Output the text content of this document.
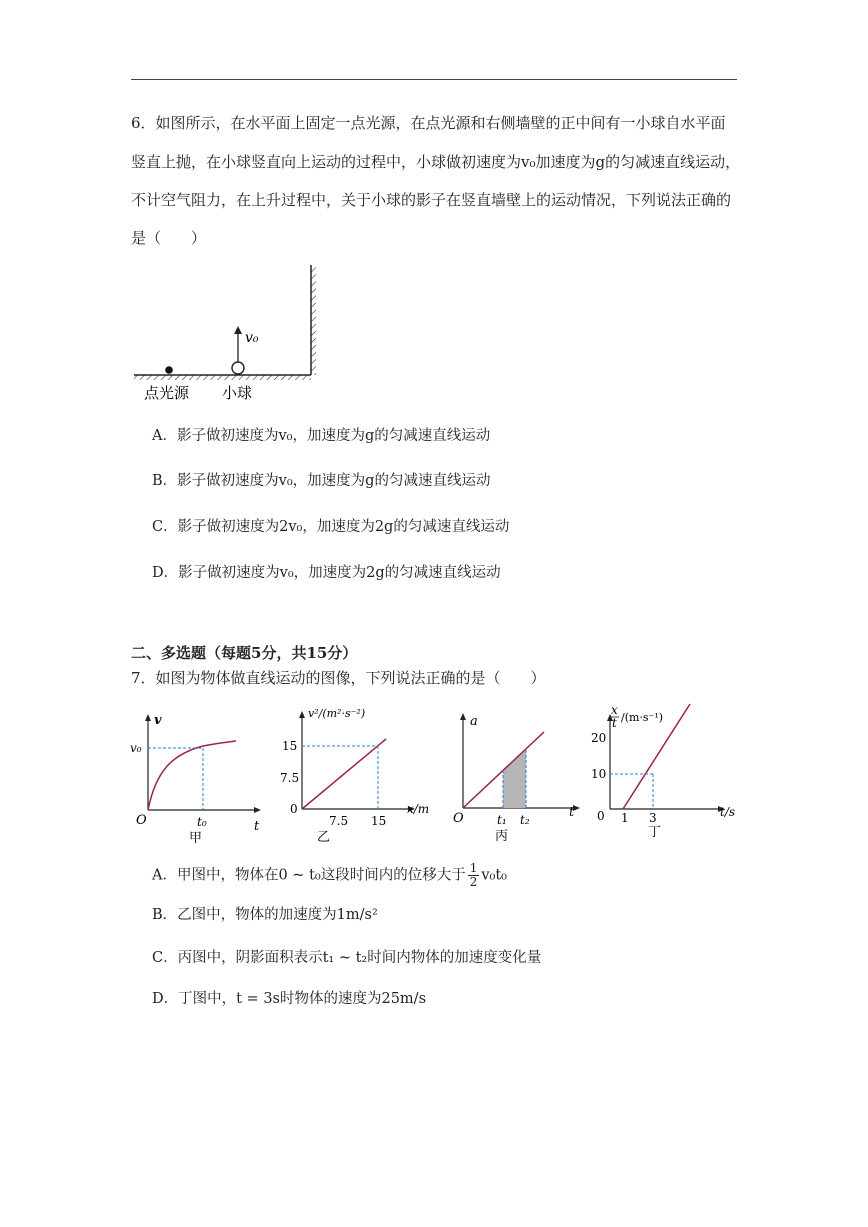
6．如图所示，在水平面上固定一点光源，在点光源和右侧墙壁的正中间有一小球自水平面
竖直上抛，在小球竖直向上运动的过程中，小球做初速度为v₀加速度为g的匀减速直线运动，
不计空气阻力，在上升过程中，关于小球的影子在竖直墙壁上的运动情况，下列说法正确的
是（　　）
v₀
点光源 小球
A．影子做初速度为v₀，加速度为g的匀减速直线运动
B．影子做初速度为v₀，加速度为g的匀减速直线运动
C．影子做初速度为2v₀，加速度为2g的匀减速直线运动
D．影子做初速度为v₀，加速度为2g的匀减速直线运动
二、多选题（每题5分，共15分）
7．如图为物体做直线运动的图像，下列说法正确的是（　　）
v
t
O
v₀
t₀
甲
v²/(m²·s⁻²)
15
7.5
0
7.5 15
x/m
乙
a
t
O	t₁ t₂
丙
x
t /(m·s⁻¹)
20
10
0 1 3	t/s
丁
A．甲图中，物体在0 ~ t₀这段时间内的位移大于 $\frac{1}{2} v_0t_0$
B．乙图中，物体的加速度为1m/s²
C．丙图中，阴影面积表示t₁ ~ t₂时间内物体的加速度变化量
D．丁图中，t = 3s时物体的速度为25m/s
